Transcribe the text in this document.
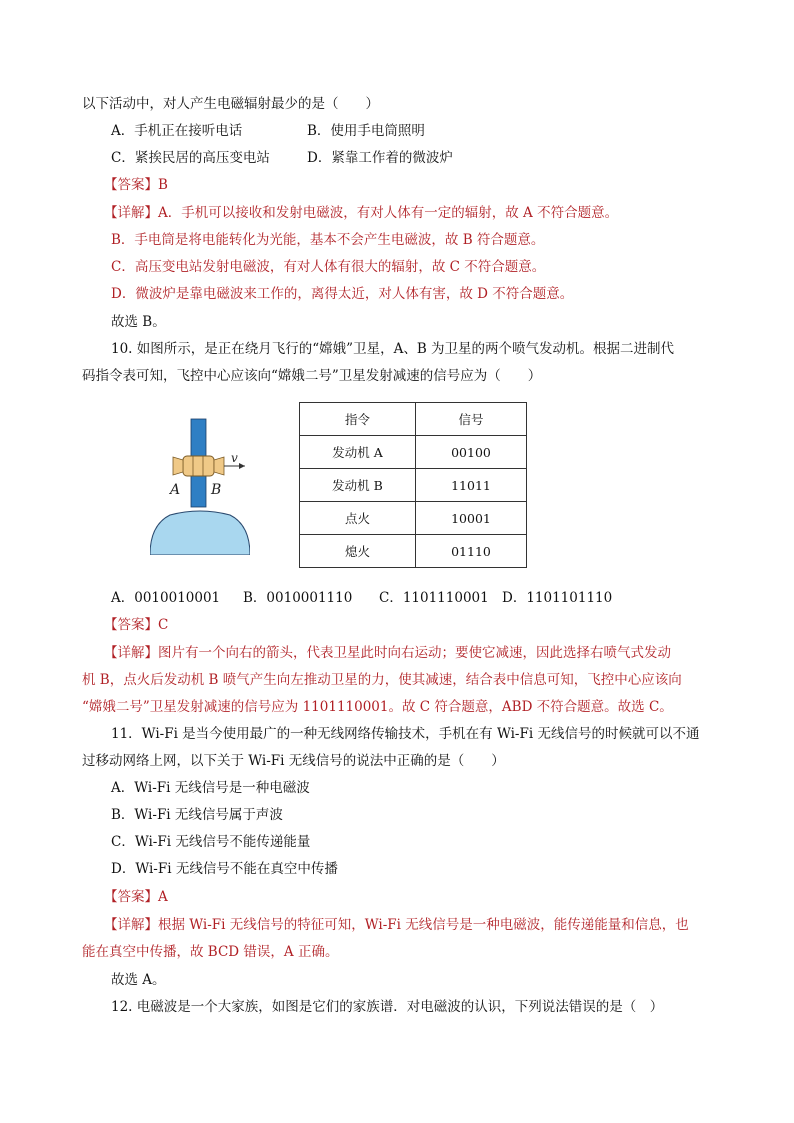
以下活动中，对人产生电磁辐射最少的是（　　）
A．手机正在接听电话	B．使用手电筒照明
C．紧挨民居的高压变电站	D．紧靠工作着的微波炉
【答案】B
【详解】A．手机可以接收和发射电磁波，有对人体有一定的辐射，故 A 不符合题意。
B．手电筒是将电能转化为光能，基本不会产生电磁波，故 B 符合题意。
C．高压变电站发射电磁波，有对人体有很大的辐射，故 C 不符合题意。
D．微波炉是靠电磁波来工作的，离得太近，对人体有害，故 D 不符合题意。
故选 B。
10. 如图所示，是正在绕月飞行的“嫦娥”卫星，A、B 为卫星的两个喷气发动机。根据二进制代
码指令表可知，飞控中心应该向“嫦娥二号”卫星发射减速的信号应为（　　）
v
A B
指令	信号
发动机 A	00100
发动机 B	11011
点火	10001
熄火	01110
A．0010010001 B．0010001110 C．1101110001 D．1101101110
【答案】C
【详解】图片有一个向右的箭头，代表卫星此时向右运动；要使它减速，因此选择右喷气式发动
机 B，点火后发动机 B 喷气产生向左推动卫星的力，使其减速，结合表中信息可知，飞控中心应该向
“嫦娥二号”卫星发射减速的信号应为 1101110001。故 C 符合题意，ABD 不符合题意。故选 C。
11．Wi-Fi 是当今使用最广的一种无线网络传输技术，手机在有 Wi-Fi 无线信号的时候就可以不通
过移动网络上网，以下关于 Wi-Fi 无线信号的说法中正确的是（　　）
A．Wi-Fi 无线信号是一种电磁波
B．Wi-Fi 无线信号属于声波
C．Wi-Fi 无线信号不能传递能量
D．Wi-Fi 无线信号不能在真空中传播
【答案】A
【详解】根据 Wi-Fi 无线信号的特征可知，Wi-Fi 无线信号是一种电磁波，能传递能量和信息，也
能在真空中传播，故 BCD 错误，A 正确。
故选 A。
12. 电磁波是一个大家族，如图是它们的家族谱．对电磁波的认识，下列说法错误的是（　）
